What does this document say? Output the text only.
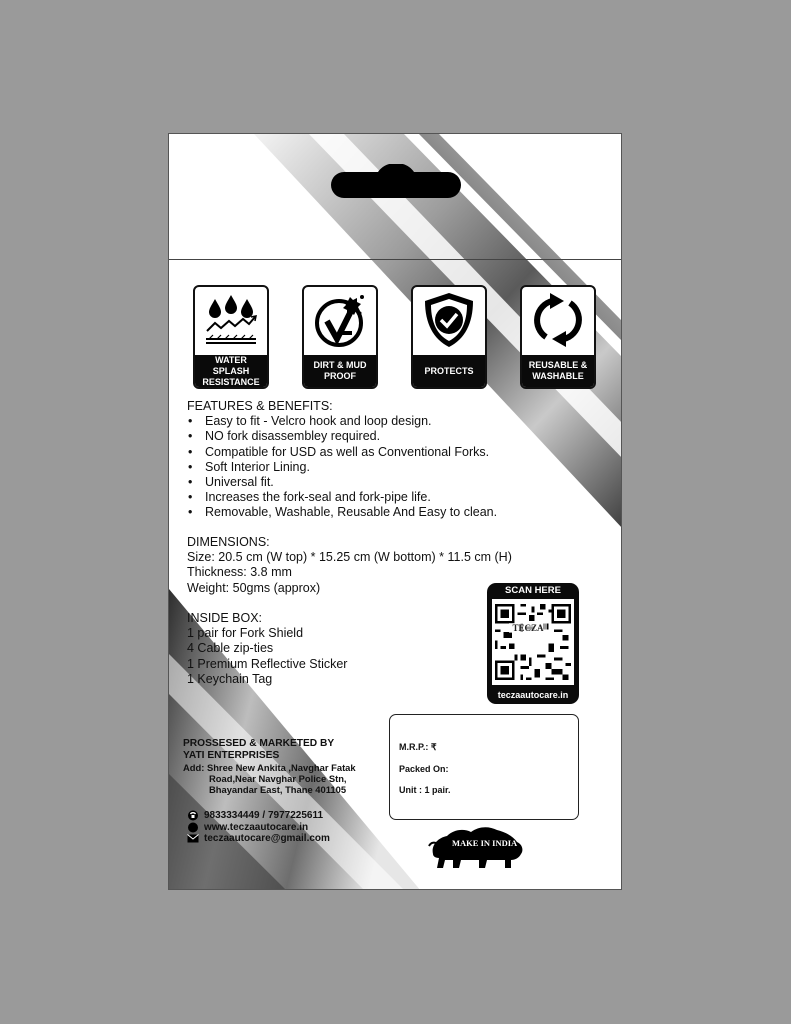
WATER SPLASH RESISTANCE
DIRT & MUD PROOF
PROTECTS
REUSABLE & WASHABLE
FEATURES & BENEFITS:
• Easy to fit - Velcro hook and loop design.
• NO fork disassembley required.
• Compatible for USD as well as Conventional Forks.
• Soft Interior Lining.
• Universal fit.
• Increases the fork-seal and fork-pipe life.
• Removable, Washable, Reusable And Easy to clean.
DIMENSIONS:
Size: 20.5 cm (W top) * 15.25 cm (W bottom) * 11.5 cm (H)
Thickness: 3.8 mm
Weight: 50gms (approx)
INSIDE BOX:
1 pair for Fork Shield
4 Cable zip-ties
1 Premium Reflective Sticker
1 Keychain Tag
SCAN HERE
TECZA
teczaautocare.in
M.R.P.: ₹
Packed On:
Unit : 1 pair.
PROSSESED & MARKETED BY
YATI ENTERPRISES
Add: Shree New Ankita ,Navghar Fatak
Road,Near Navghar Police Stn,
Bhayandar East, Thane 401105
9833334449 / 7977225611
www.teczaautocare.in
teczaautocare@gmail.com	MAKE IN INDIA
